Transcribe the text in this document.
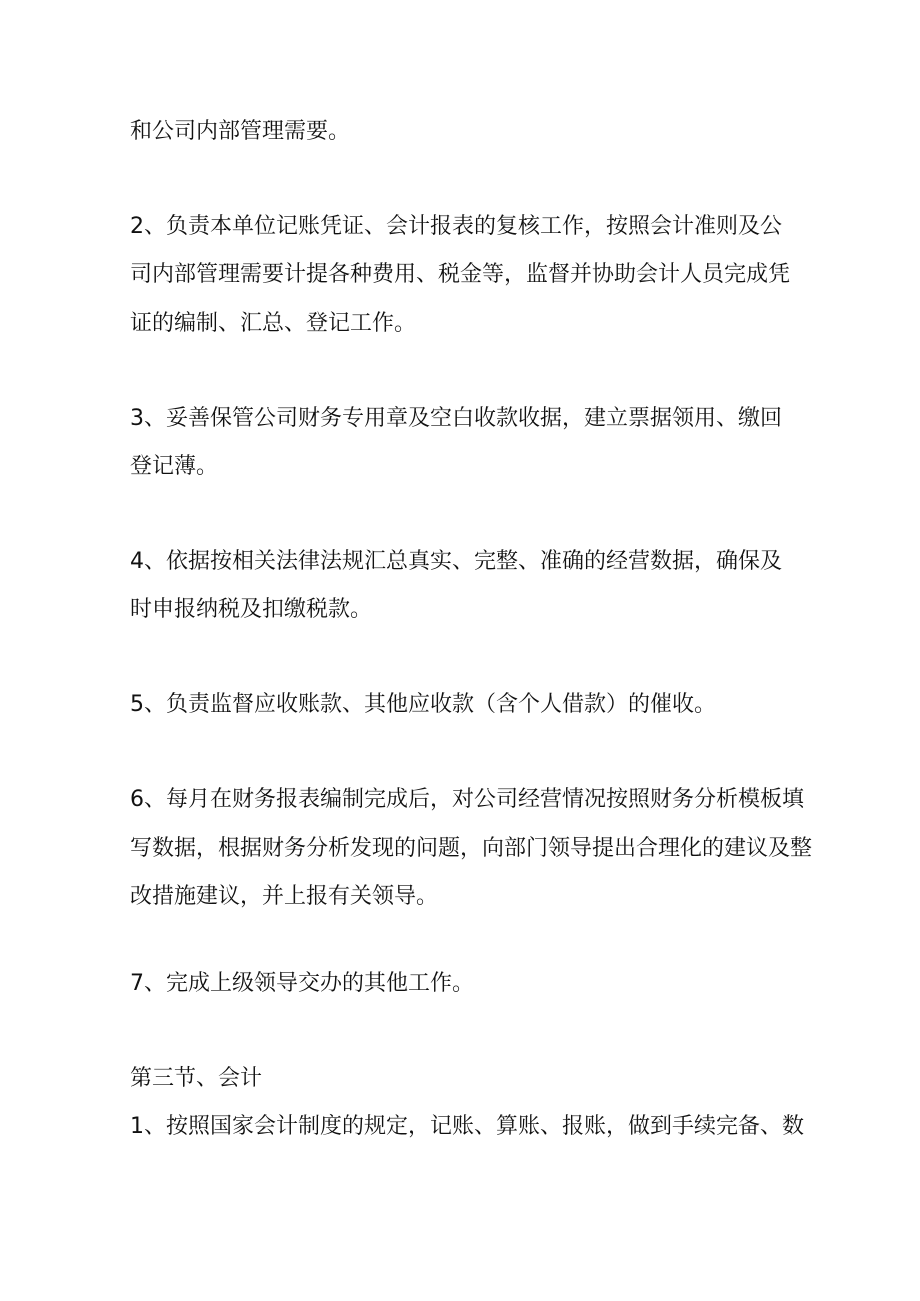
和公司内部管理需要。
2、负责本单位记账凭证、会计报表的复核工作，按照会计准则及公
司内部管理需要计提各种费用、税金等，监督并协助会计人员完成凭
证的编制、汇总、登记工作。
3、妥善保管公司财务专用章及空白收款收据，建立票据领用、缴回
登记薄。
4、依据按相关法律法规汇总真实、完整、准确的经营数据，确保及
时申报纳税及扣缴税款。
5、负责监督应收账款、其他应收款（含个人借款）的催收。
6、每月在财务报表编制完成后，对公司经营情况按照财务分析模板填
写数据，根据财务分析发现的问题，向部门领导提出合理化的建议及整
改措施建议，并上报有关领导。
7、完成上级领导交办的其他工作。
第三节、会计
1、按照国家会计制度的规定，记账、算账、报账，做到手续完备、数
